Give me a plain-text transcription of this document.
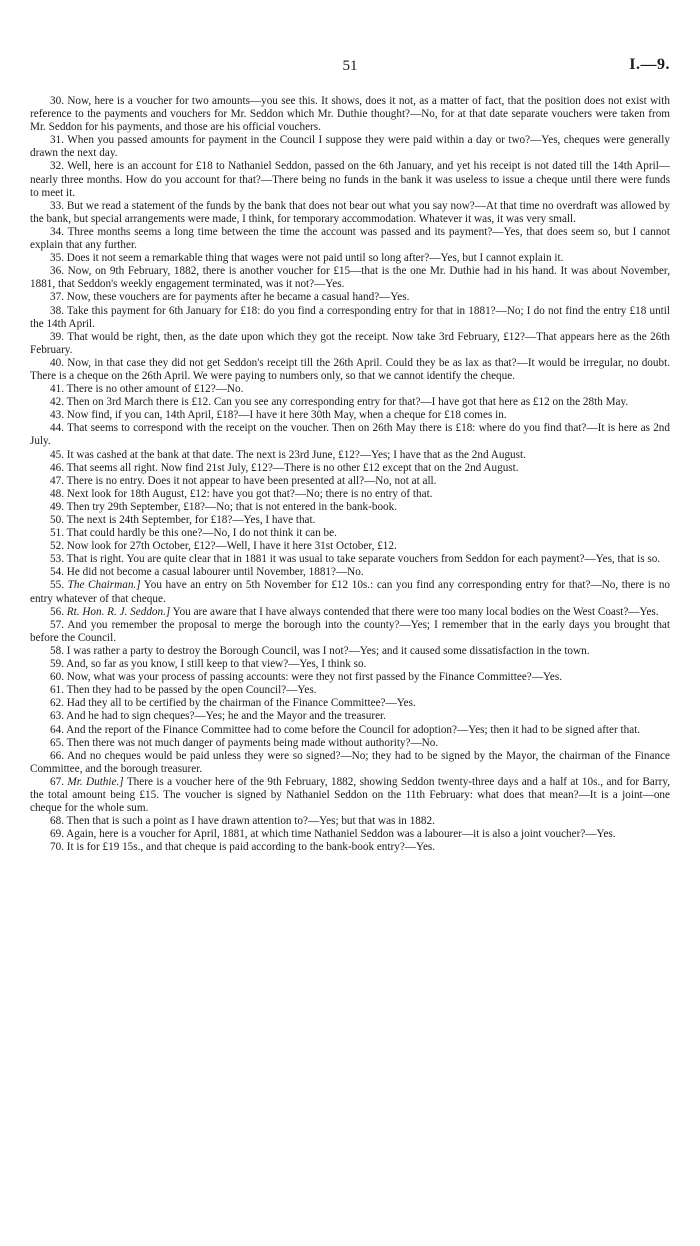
51	I.—9.

30. Now, here is a voucher for two amounts—you see this. It shows, does it not, as a matter of fact, that the position does not exist with reference to the payments and vouchers for Mr. Seddon which Mr. Duthie thought?—No, for at that date separate vouchers were taken from Mr. Seddon for his payments, and those are his official vouchers.

31. When you passed amounts for payment in the Council I suppose they were paid within a day or two?—Yes, cheques were generally drawn the next day.

32. Well, here is an account for £18 to Nathaniel Seddon, passed on the 6th January, and yet his receipt is not dated till the 14th April—nearly three months. How do you account for that?—There being no funds in the bank it was useless to issue a cheque until there were funds to meet it.

33. But we read a statement of the funds by the bank that does not bear out what you say now?—At that time no overdraft was allowed by the bank, but special arrangements were made, I think, for temporary accommodation. Whatever it was, it was very small.

34. Three months seems a long time between the time the account was passed and its payment?—Yes, that does seem so, but I cannot explain that any further.

35. Does it not seem a remarkable thing that wages were not paid until so long after?—Yes, but I cannot explain it.

36. Now, on 9th February, 1882, there is another voucher for £15—that is the one Mr. Duthie had in his hand. It was about November, 1881, that Seddon's weekly engagement terminated, was it not?—Yes.

37. Now, these vouchers are for payments after he became a casual hand?—Yes.

38. Take this payment for 6th January for £18: do you find a corresponding entry for that in 1881?—No; I do not find the entry £18 until the 14th April.

39. That would be right, then, as the date upon which they got the receipt. Now take 3rd February, £12?—That appears here as the 26th February.

40. Now, in that case they did not get Seddon's receipt till the 26th April. Could they be as lax as that?—It would be irregular, no doubt. There is a cheque on the 26th April. We were paying to numbers only, so that we cannot identify the cheque.

41. There is no other amount of £12?—No.

42. Then on 3rd March there is £12. Can you see any corresponding entry for that?—I have got that here as £12 on the 28th May.

43. Now find, if you can, 14th April, £18?—I have it here 30th May, when a cheque for £18 comes in.

44. That seems to correspond with the receipt on the voucher. Then on 26th May there is £18: where do you find that?—It is here as 2nd July.

45. It was cashed at the bank at that date. The next is 23rd June, £12?—Yes; I have that as the 2nd August.

46. That seems all right. Now find 21st July, £12?—There is no other £12 except that on the 2nd August.

47. There is no entry. Does it not appear to have been presented at all?—No, not at all.

48. Next look for 18th August, £12: have you got that?—No; there is no entry of that.

49. Then try 29th September, £18?—No; that is not entered in the bank-book.

50. The next is 24th September, for £18?—Yes, I have that.

51. That could hardly be this one?—No, I do not think it can be.

52. Now look for 27th October, £12?—Well, I have it here 31st October, £12.

53. That is right. You are quite clear that in 1881 it was usual to take separate vouchers from Seddon for each payment?—Yes, that is so.

54. He did not become a casual labourer until November, 1881?—No.

55. The Chairman.] You have an entry on 5th November for £12 10s.: can you find any corresponding entry for that?—No, there is no entry whatever of that cheque.

56. Rt. Hon. R. J. Seddon.] You are aware that I have always contended that there were too many local bodies on the West Coast?—Yes.

57. And you remember the proposal to merge the borough into the county?—Yes; I remember that in the early days you brought that before the Council.

58. I was rather a party to destroy the Borough Council, was I not?—Yes; and it caused some dissatisfaction in the town.

59. And, so far as you know, I still keep to that view?—Yes, I think so.

60. Now, what was your process of passing accounts: were they not first passed by the Finance Committee?—Yes.

61. Then they had to be passed by the open Council?—Yes.

62. Had they all to be certified by the chairman of the Finance Committee?—Yes.

63. And he had to sign cheques?—Yes; he and the Mayor and the treasurer.

64. And the report of the Finance Committee had to come before the Council for adoption?—Yes; then it had to be signed after that.

65. Then there was not much danger of payments being made without authority?—No.

66. And no cheques would be paid unless they were so signed?—No; they had to be signed by the Mayor, the chairman of the Finance Committee, and the borough treasurer.

67. Mr. Duthie.] There is a voucher here of the 9th February, 1882, showing Seddon twenty-three days and a half at 10s., and for Barry, the total amount being £15. The voucher is signed by Nathaniel Seddon on the 11th February: what does that mean?—It is a joint—one cheque for the whole sum.

68. Then that is such a point as I have drawn attention to?—Yes; but that was in 1882.

69. Again, here is a voucher for April, 1881, at which time Nathaniel Seddon was a labourer—it is also a joint voucher?—Yes.

70. It is for £19 15s., and that cheque is paid according to the bank-book entry?—Yes.
